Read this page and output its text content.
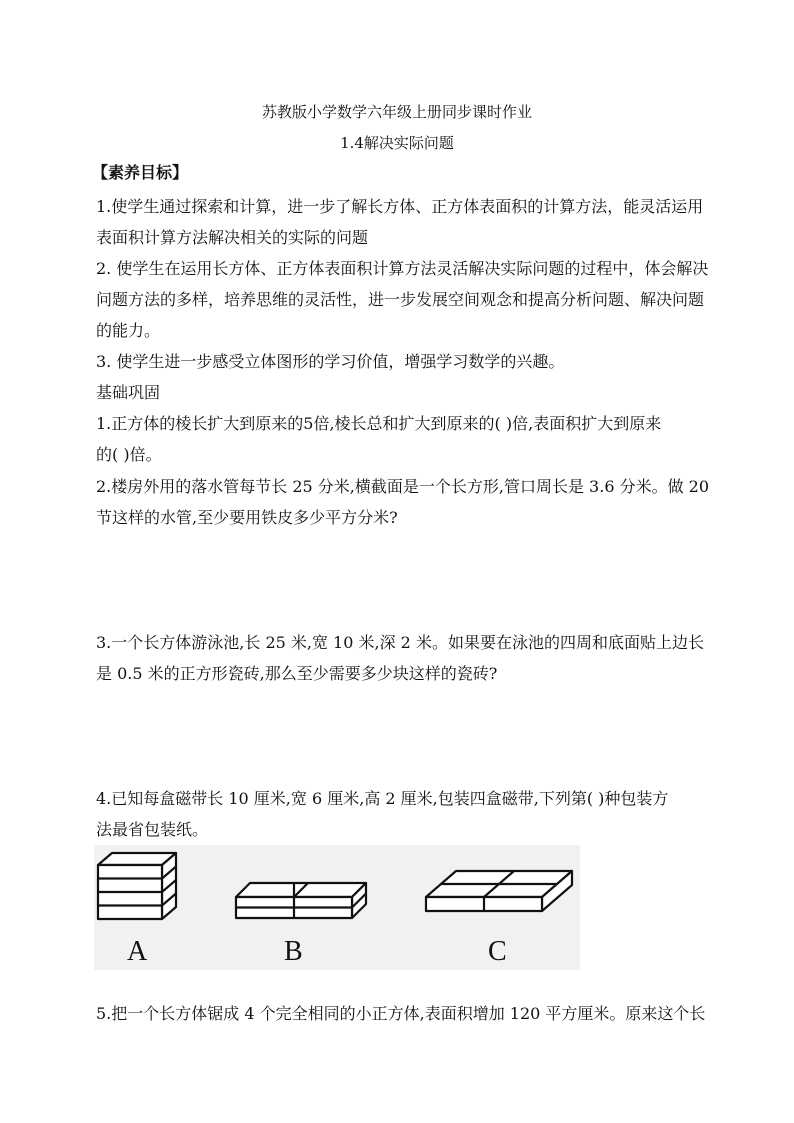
苏教版小学数学六年级上册同步课时作业
1.4解决实际问题
【素养目标】
1.使学生通过探索和计算，进一步了解长方体、正方体表面积的计算方法，能灵活运用
表面积计算方法解决相关的实际的问题
2. 使学生在运用长方体、正方体表面积计算方法灵活解决实际问题的过程中，体会解决
问题方法的多样，培养思维的灵活性，进一步发展空间观念和提高分析问题、解决问题
的能力。
3. 使学生进一步感受立体图形的学习价值，增强学习数学的兴趣。
基础巩固
1.正方体的棱长扩大到原来的5倍,棱长总和扩大到原来的( )倍,表面积扩大到原来
的( )倍。
2.楼房外用的落水管每节长 25 分米,横截面是一个长方形,管口周长是 3.6 分米。做 20
节这样的水管,至少要用铁皮多少平方分米?
3.一个长方体游泳池,长 25 米,宽 10 米,深 2 米。如果要在泳池的四周和底面贴上边长
是 0.5 米的正方形瓷砖,那么至少需要多少块这样的瓷砖?
4.已知每盒磁带长 10 厘米,宽 6 厘米,高 2 厘米,包装四盒磁带,下列第( )种包装方
法最省包装纸。
A	B	C
5.把一个长方体锯成 4 个完全相同的小正方体,表面积增加 120 平方厘米。原来这个长
